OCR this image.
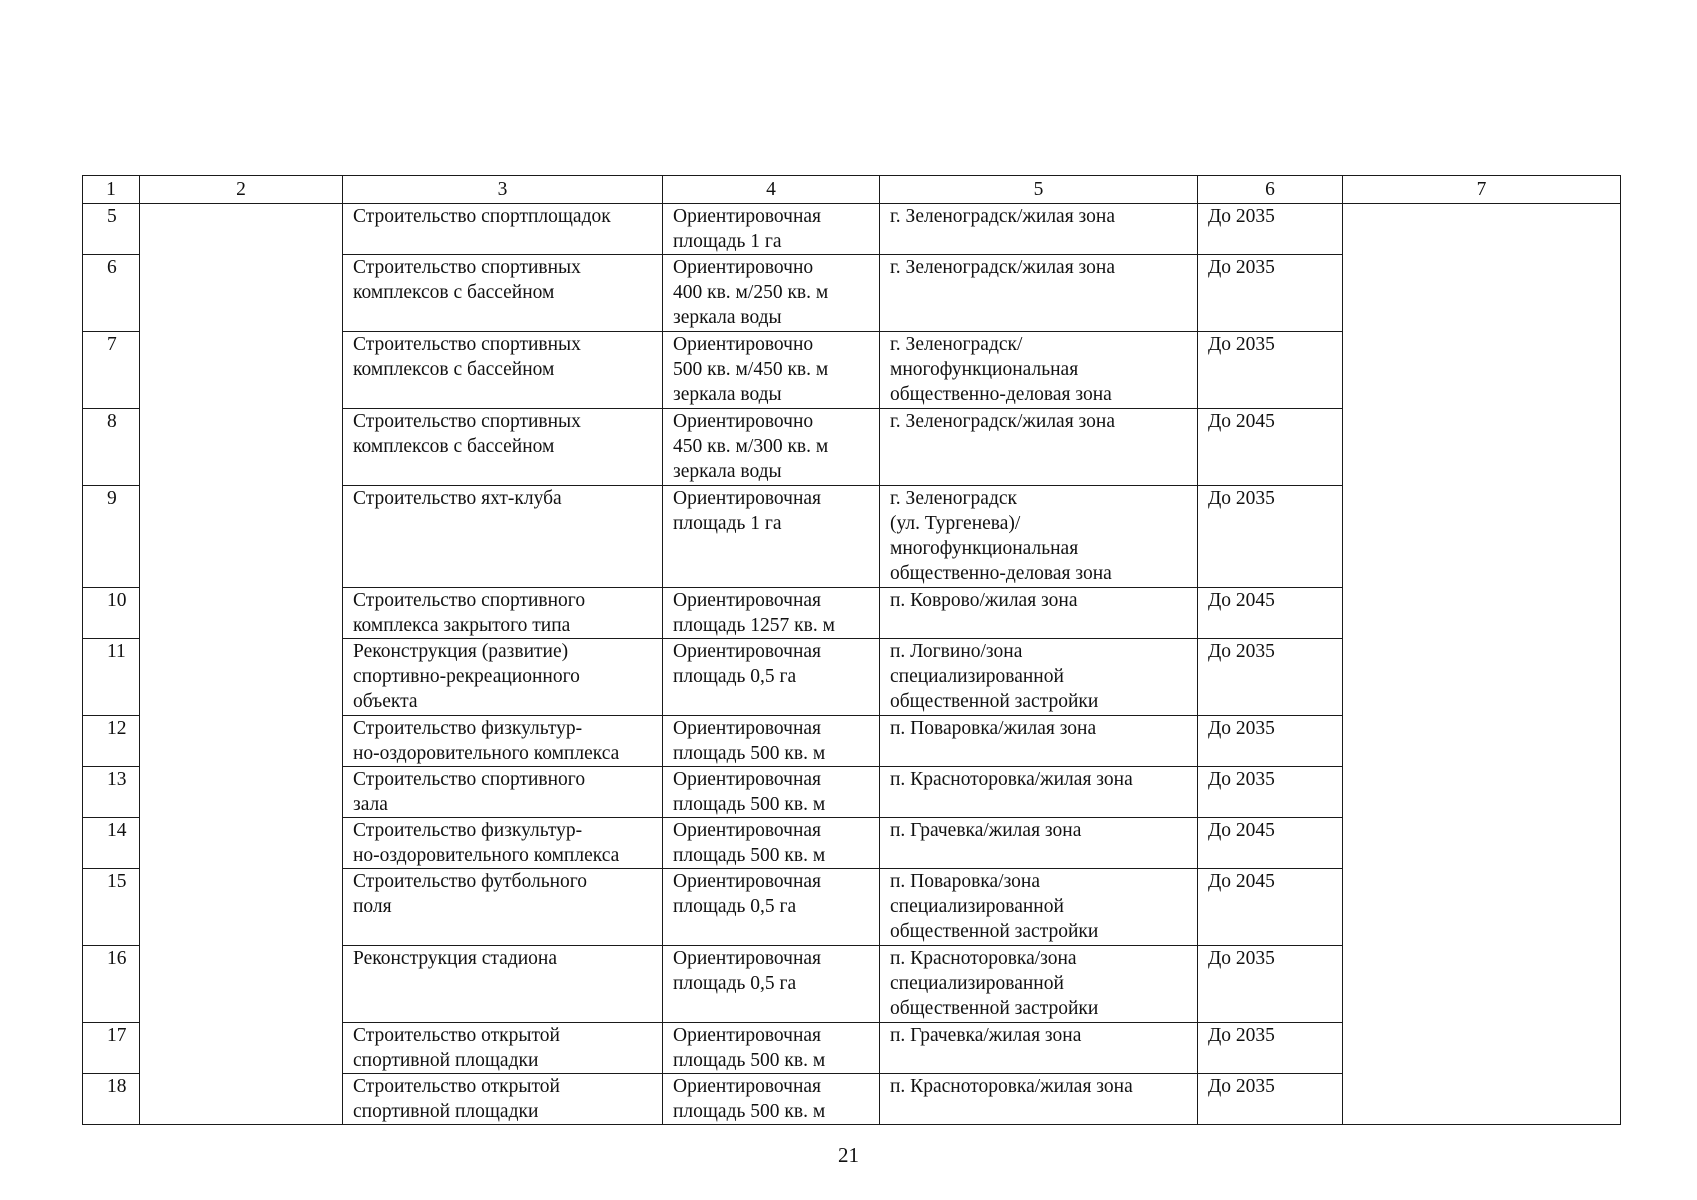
1	2	3	4	5	6	7
5		Строительство спортплощадок	Ориентировочная
площадь 1 га	г. Зеленоградск/жилая зона	До 2035	
6		Строительство спортивных
комплексов с бассейном	Ориентировочно
400 кв. м/250 кв. м
зеркала воды	г. Зеленоградск/жилая зона	До 2035	
7		Строительство спортивных
комплексов с бассейном	Ориентировочно
500 кв. м/450 кв. м
зеркала воды	г. Зеленоградск/
многофункциональная
общественно-деловая зона	До 2035	
8		Строительство спортивных
комплексов с бассейном	Ориентировочно
450 кв. м/300 кв. м
зеркала воды	г. Зеленоградск/жилая зона	До 2045	
9		Строительство яхт-клуба	Ориентировочная
площадь 1 га	г. Зеленоградск
(ул. Тургенева)/
многофункциональная
общественно-деловая зона	До 2035	
10		Строительство спортивного
комплекса закрытого типа	Ориентировочная
площадь 1257 кв. м	п. Коврово/жилая зона	До 2045	
11		Реконструкция (развитие)
спортивно-рекреационного
объекта	Ориентировочная
площадь 0,5 га	п. Логвино/зона
специализированной
общественной застройки	До 2035	
12		Строительство физкультур-
но-оздоровительного комплекса	Ориентировочная
площадь 500 кв. м	п. Поваровка/жилая зона	До 2035	
13		Строительство спортивного
зала	Ориентировочная
площадь 500 кв. м	п. Красноторовка/жилая зона	До 2035	
14		Строительство физкультур-
но-оздоровительного комплекса	Ориентировочная
площадь 500 кв. м	п. Грачевка/жилая зона	До 2045	
15		Строительство футбольного
поля	Ориентировочная
площадь 0,5 га	п. Поваровка/зона
специализированной
общественной застройки	До 2045	
16		Реконструкция стадиона	Ориентировочная
площадь 0,5 га	п. Красноторовка/зона
специализированной
общественной застройки	До 2035	
17		Строительство открытой
спортивной площадки	Ориентировочная
площадь 500 кв. м	п. Грачевка/жилая зона	До 2035	
18		Строительство открытой
спортивной площадки	Ориентировочная
площадь 500 кв. м	п. Красноторовка/жилая зона	До 2035	
21
